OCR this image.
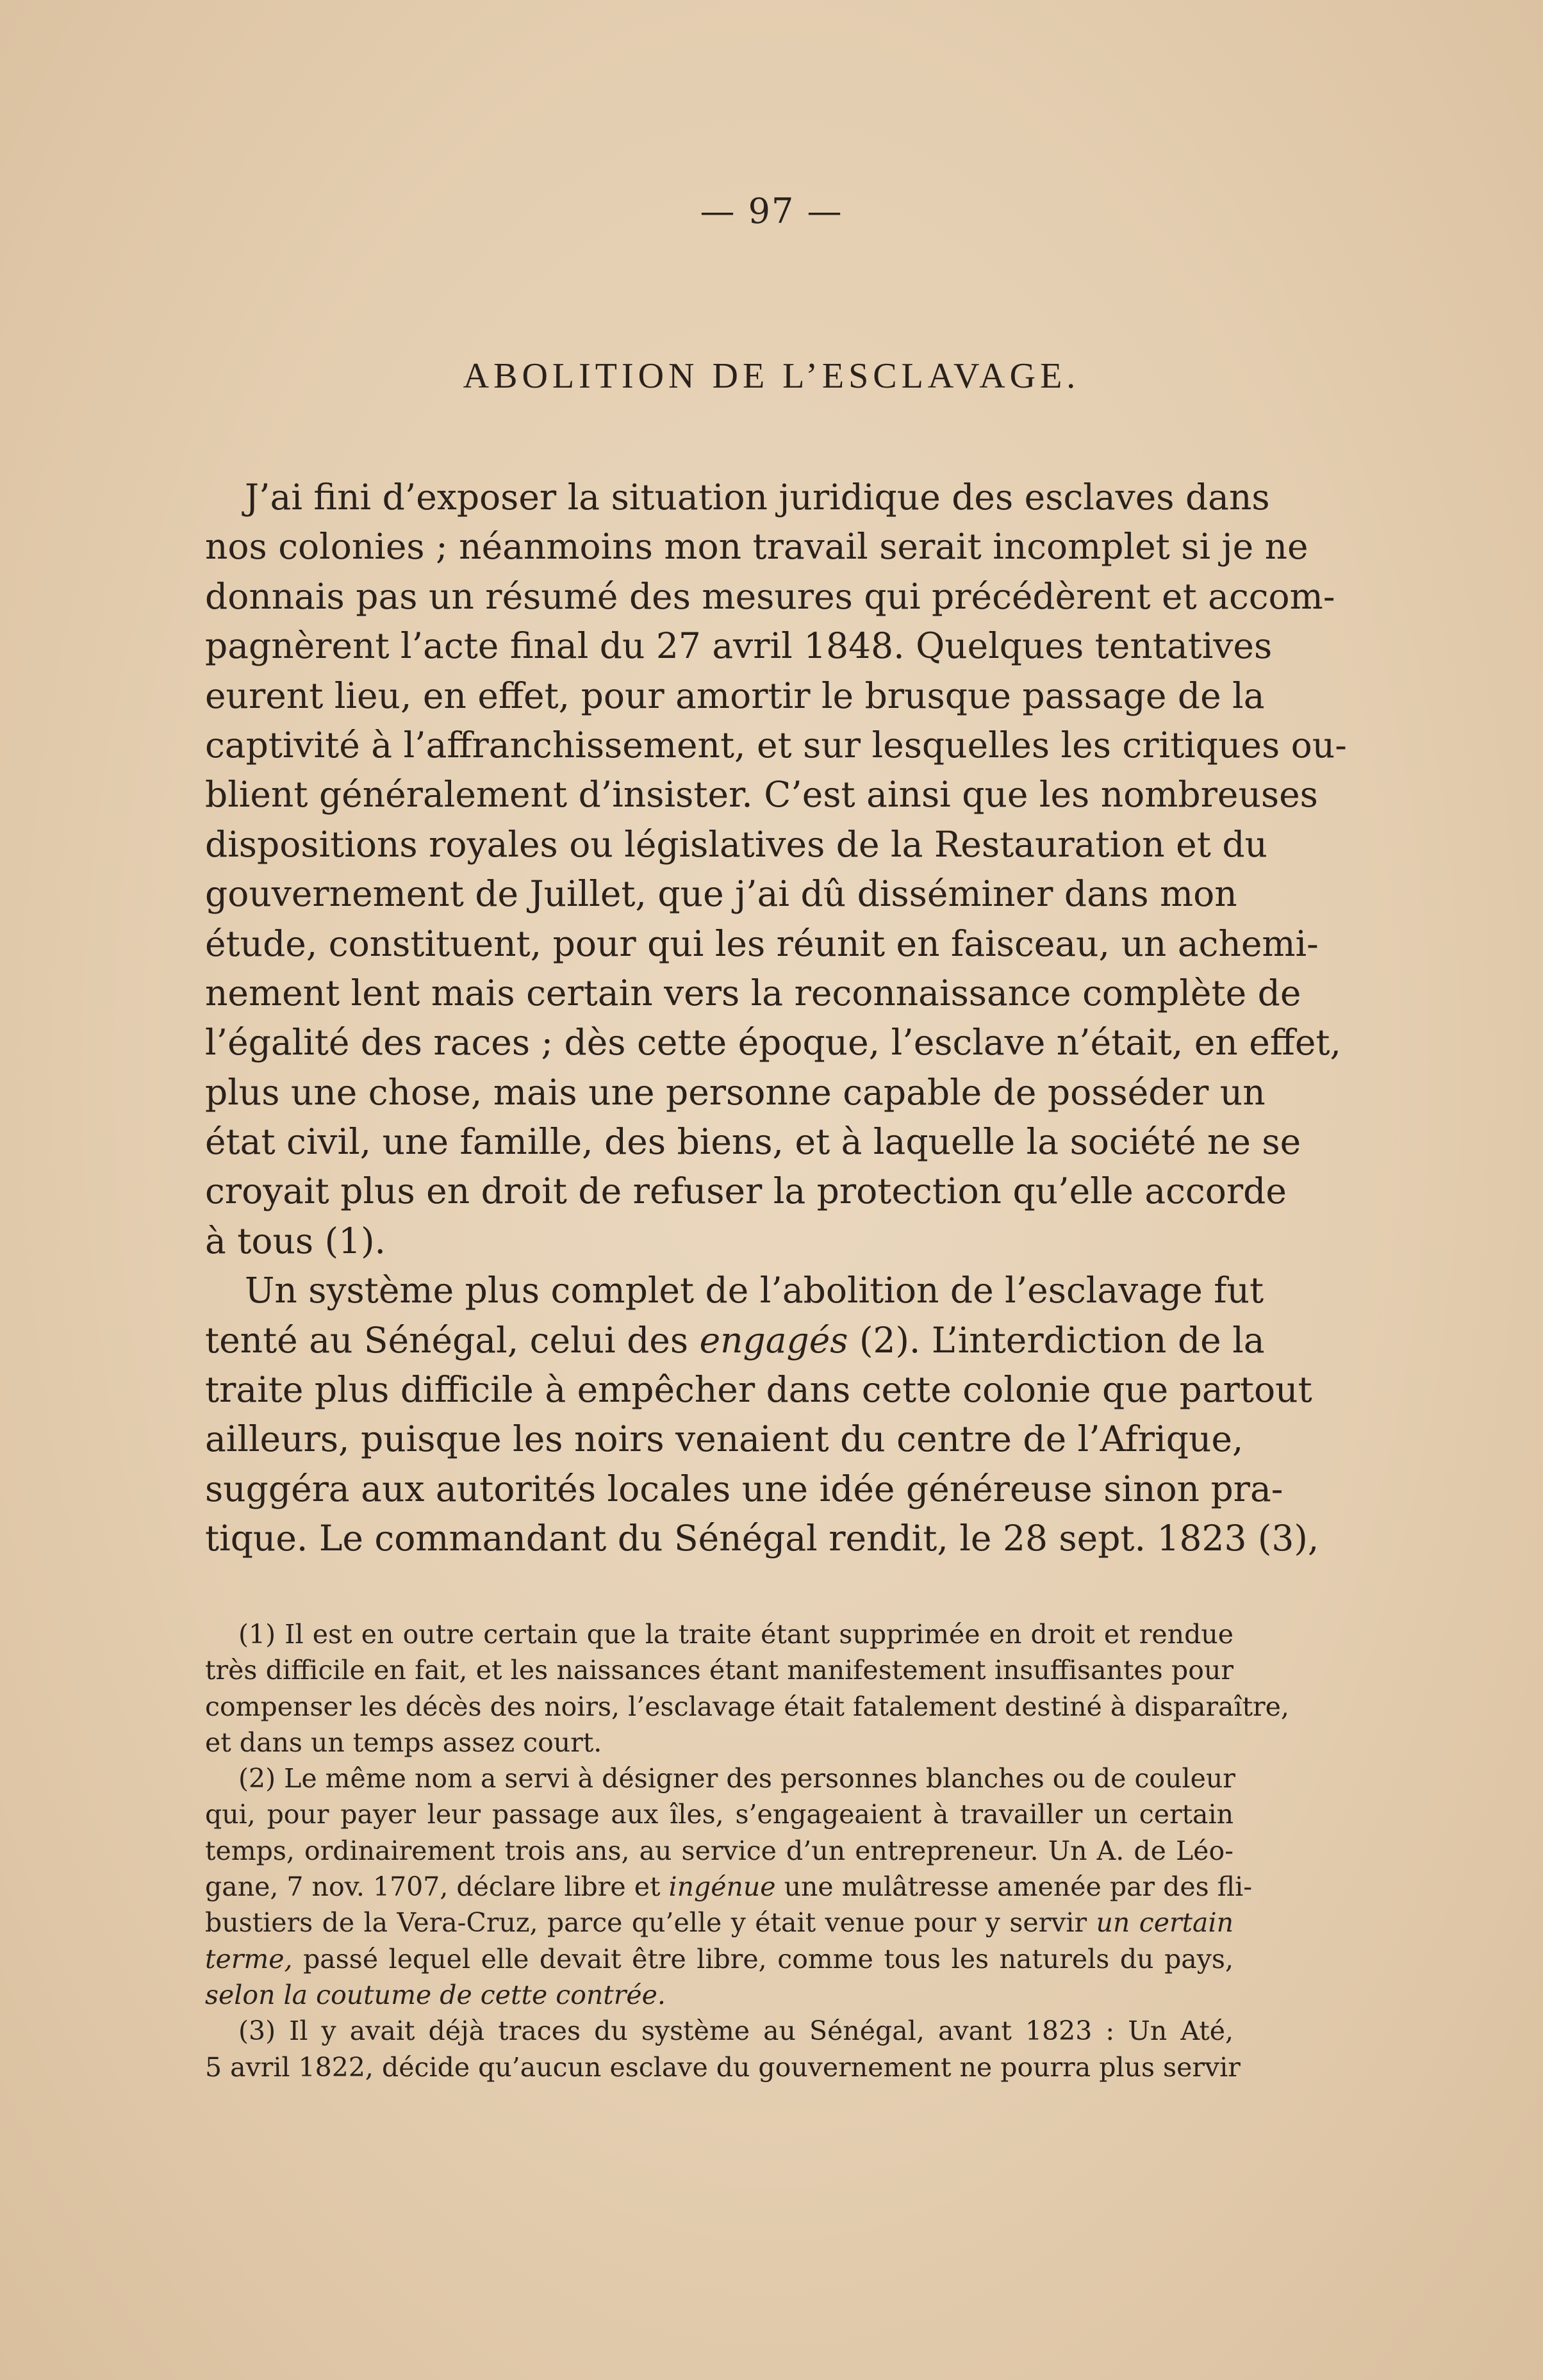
— 97 —
ABOLITION DE L’ESCLAVAGE.
J’ai fini d’exposer la situation juridique des esclaves dans
nos colonies ; néanmoins mon travail serait incomplet si je ne
donnais pas un résumé des mesures qui précédèrent et accom-
pagnèrent l’acte final du 27 avril 1848. Quelques tentatives
eurent lieu, en effet, pour amortir le brusque passage de la
captivité à l’affranchissement, et sur lesquelles les critiques ou-
blient généralement d’insister. C’est ainsi que les nombreuses
dispositions royales ou législatives de la Restauration et du
gouvernement de Juillet, que j’ai dû disséminer dans mon
étude, constituent, pour qui les réunit en faisceau, un achemi-
nement lent mais certain vers la reconnaissance complète de
l’égalité des races ; dès cette époque, l’esclave n’était, en effet,
plus une chose, mais une personne capable de posséder un
état civil, une famille, des biens, et à laquelle la société ne se
croyait plus en droit de refuser la protection qu’elle accorde
à tous (1).
Un système plus complet de l’abolition de l’esclavage fut
tenté au Sénégal, celui des engagés (2). L’interdiction de la
traite plus difficile à empêcher dans cette colonie que partout
ailleurs, puisque les noirs venaient du centre de l’Afrique,
suggéra aux autorités locales une idée généreuse sinon pra-
tique. Le commandant du Sénégal rendit, le 28 sept. 1823 (3),
(1) Il est en outre certain que la traite étant supprimée en droit et rendue
très difficile en fait, et les naissances étant manifestement insuffisantes pour
compenser les décès des noirs, l’esclavage était fatalement destiné à disparaître,
et dans un temps assez court.
(2) Le même nom a servi à désigner des personnes blanches ou de couleur
qui, pour payer leur passage aux îles, s’engageaient à travailler un certain
temps, ordinairement trois ans, au service d’un entrepreneur. Un A. de Léo-
gane, 7 nov. 1707, déclare libre et ingénue une mulâtresse amenée par des fli-
bustiers de la Vera-Cruz, parce qu’elle y était venue pour y servir un certain
terme, passé lequel elle devait être libre, comme tous les naturels du pays,
selon la coutume de cette contrée.
(3) Il y avait déjà traces du système au Sénégal, avant 1823 : Un Até,
5 avril 1822, décide qu’aucun esclave du gouvernement ne pourra plus servir
